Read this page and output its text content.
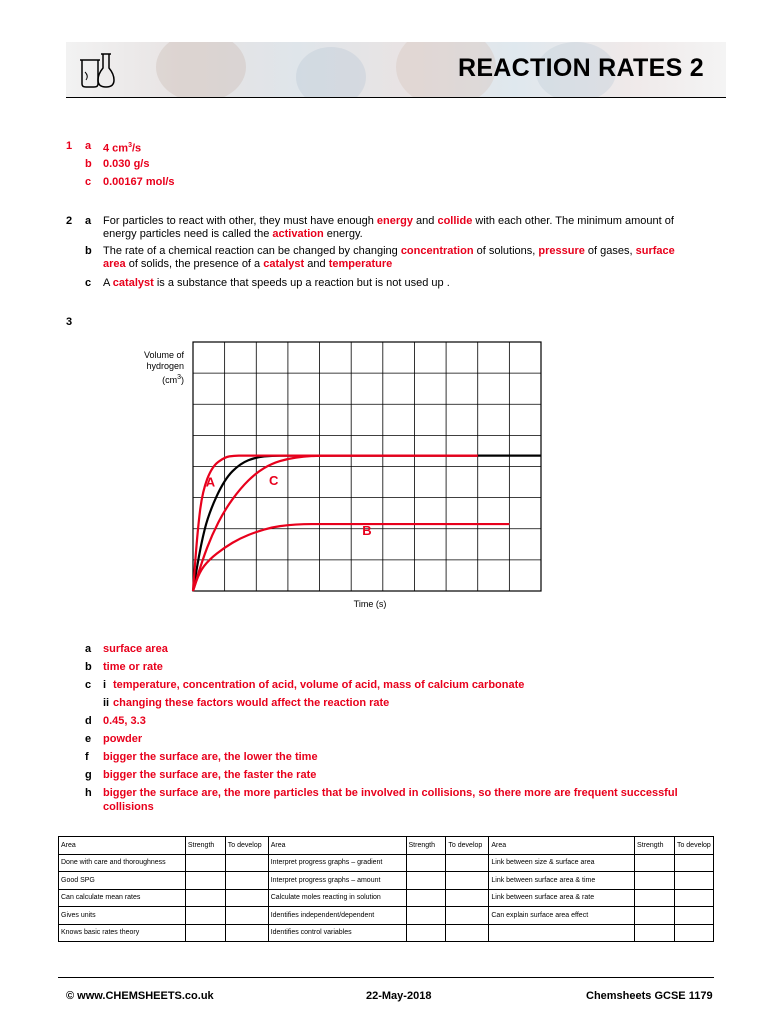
REACTION RATES 2
1 a 4 $cm^3/s$
b 0.030 g/s
c 0.00167 mol/s
2 a For particles to react with other, they must have enough energy and collide with each other. The minimum amount of
energy particles need is called the activation energy.
b The rate of a chemical reaction can be changed by changing concentration of solutions, pressure of gases, surface
area of solids, the presence of a catalyst and temperature
c A catalyst is a substance that speeds up a reaction but is not used up .
3
Volume of
hydrogen
$(cm^3)$
A	C
B
Time (s)
a surface area
b time or rate
c i temperature, concentration of acid, volume of acid, mass of calcium carbonate
ii changing these factors would affect the reaction rate
d 0.45, 3.3
e powder
f bigger the surface are, the lower the time
g bigger the surface are, the faster the rate
h bigger the surface are, the more particles that be involved in collisions, so there more are frequent successful
collisions
Area	Strength	To develop	Area	Strength	To develop	Area	Strength	To develop
Done with care and thoroughness			Interpret progress graphs – gradient			Link between size & surface area		
Good SPG			Interpret progress graphs – amount			Link between surface area & time		
Can calculate mean rates			Calculate moles reacting in solution			Link between surface area & rate		
Gives units			Identifies independent/dependent			Can explain surface area effect		
Knows basic rates theory			Identifies control variables					
© www.CHEMSHEETS.co.uk	22-May-2018	Chemsheets GCSE 1179
